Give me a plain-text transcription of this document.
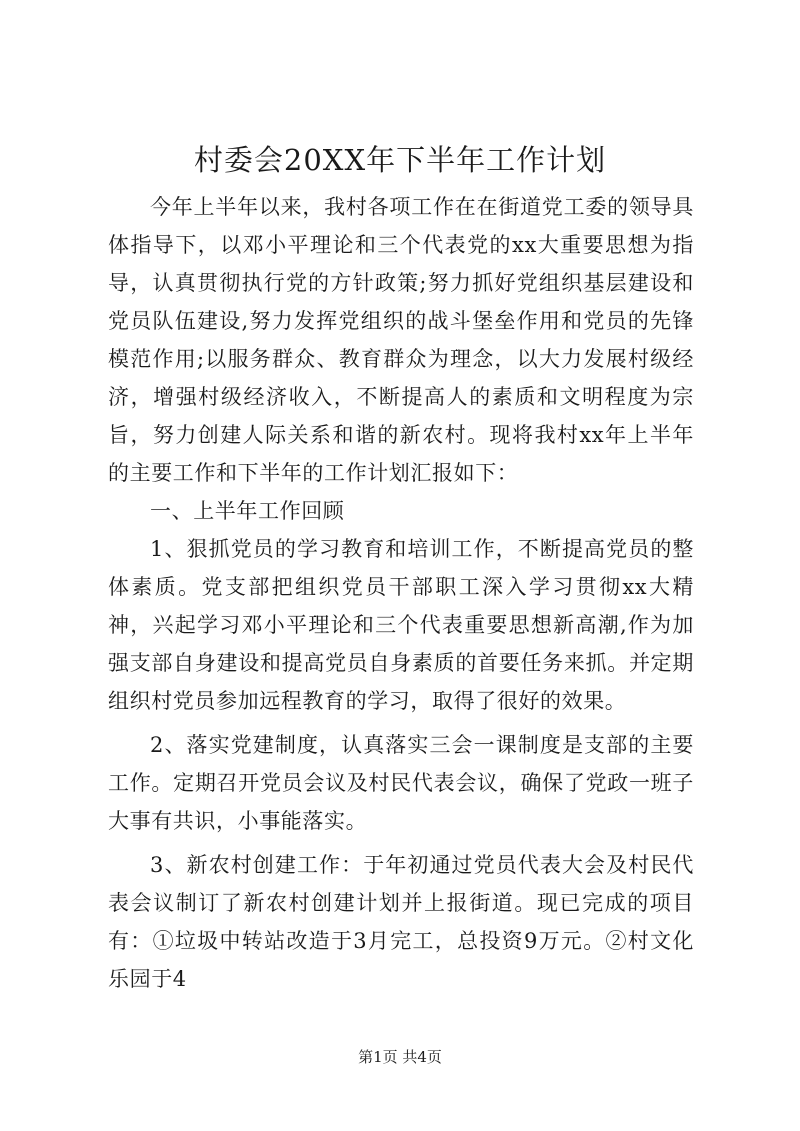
村委会20XX年下半年工作计划

今年上半年以来，我村各项工作在在街道党工委的领导具体指导下，以邓小平理论和三个代表党的xx大重要思想为指导，认真贯彻执行党的方针政策;努力抓好党组织基层建设和党员队伍建设,努力发挥党组织的战斗堡垒作用和党员的先锋模范作用;以服务群众、教育群众为理念，以大力发展村级经济，增强村级经济收入，不断提高人的素质和文明程度为宗旨，努力创建人际关系和谐的新农村。现将我村xx年上半年的主要工作和下半年的工作计划汇报如下：

一、上半年工作回顾

1、狠抓党员的学习教育和培训工作，不断提高党员的整体素质。党支部把组织党员干部职工深入学习贯彻xx大精神，兴起学习邓小平理论和三个代表重要思想新高潮,作为加强支部自身建设和提高党员自身素质的首要任务来抓。并定期组织村党员参加远程教育的学习，取得了很好的效果。

2、落实党建制度，认真落实三会一课制度是支部的主要工作。定期召开党员会议及村民代表会议，确保了党政一班子大事有共识，小事能落实。

3、新农村创建工作：于年初通过党员代表大会及村民代表会议制订了新农村创建计划并上报街道。现已完成的项目有：①垃圾中转站改造于3月完工，总投资9万元。②村文化乐园于4

第1页 共4页
